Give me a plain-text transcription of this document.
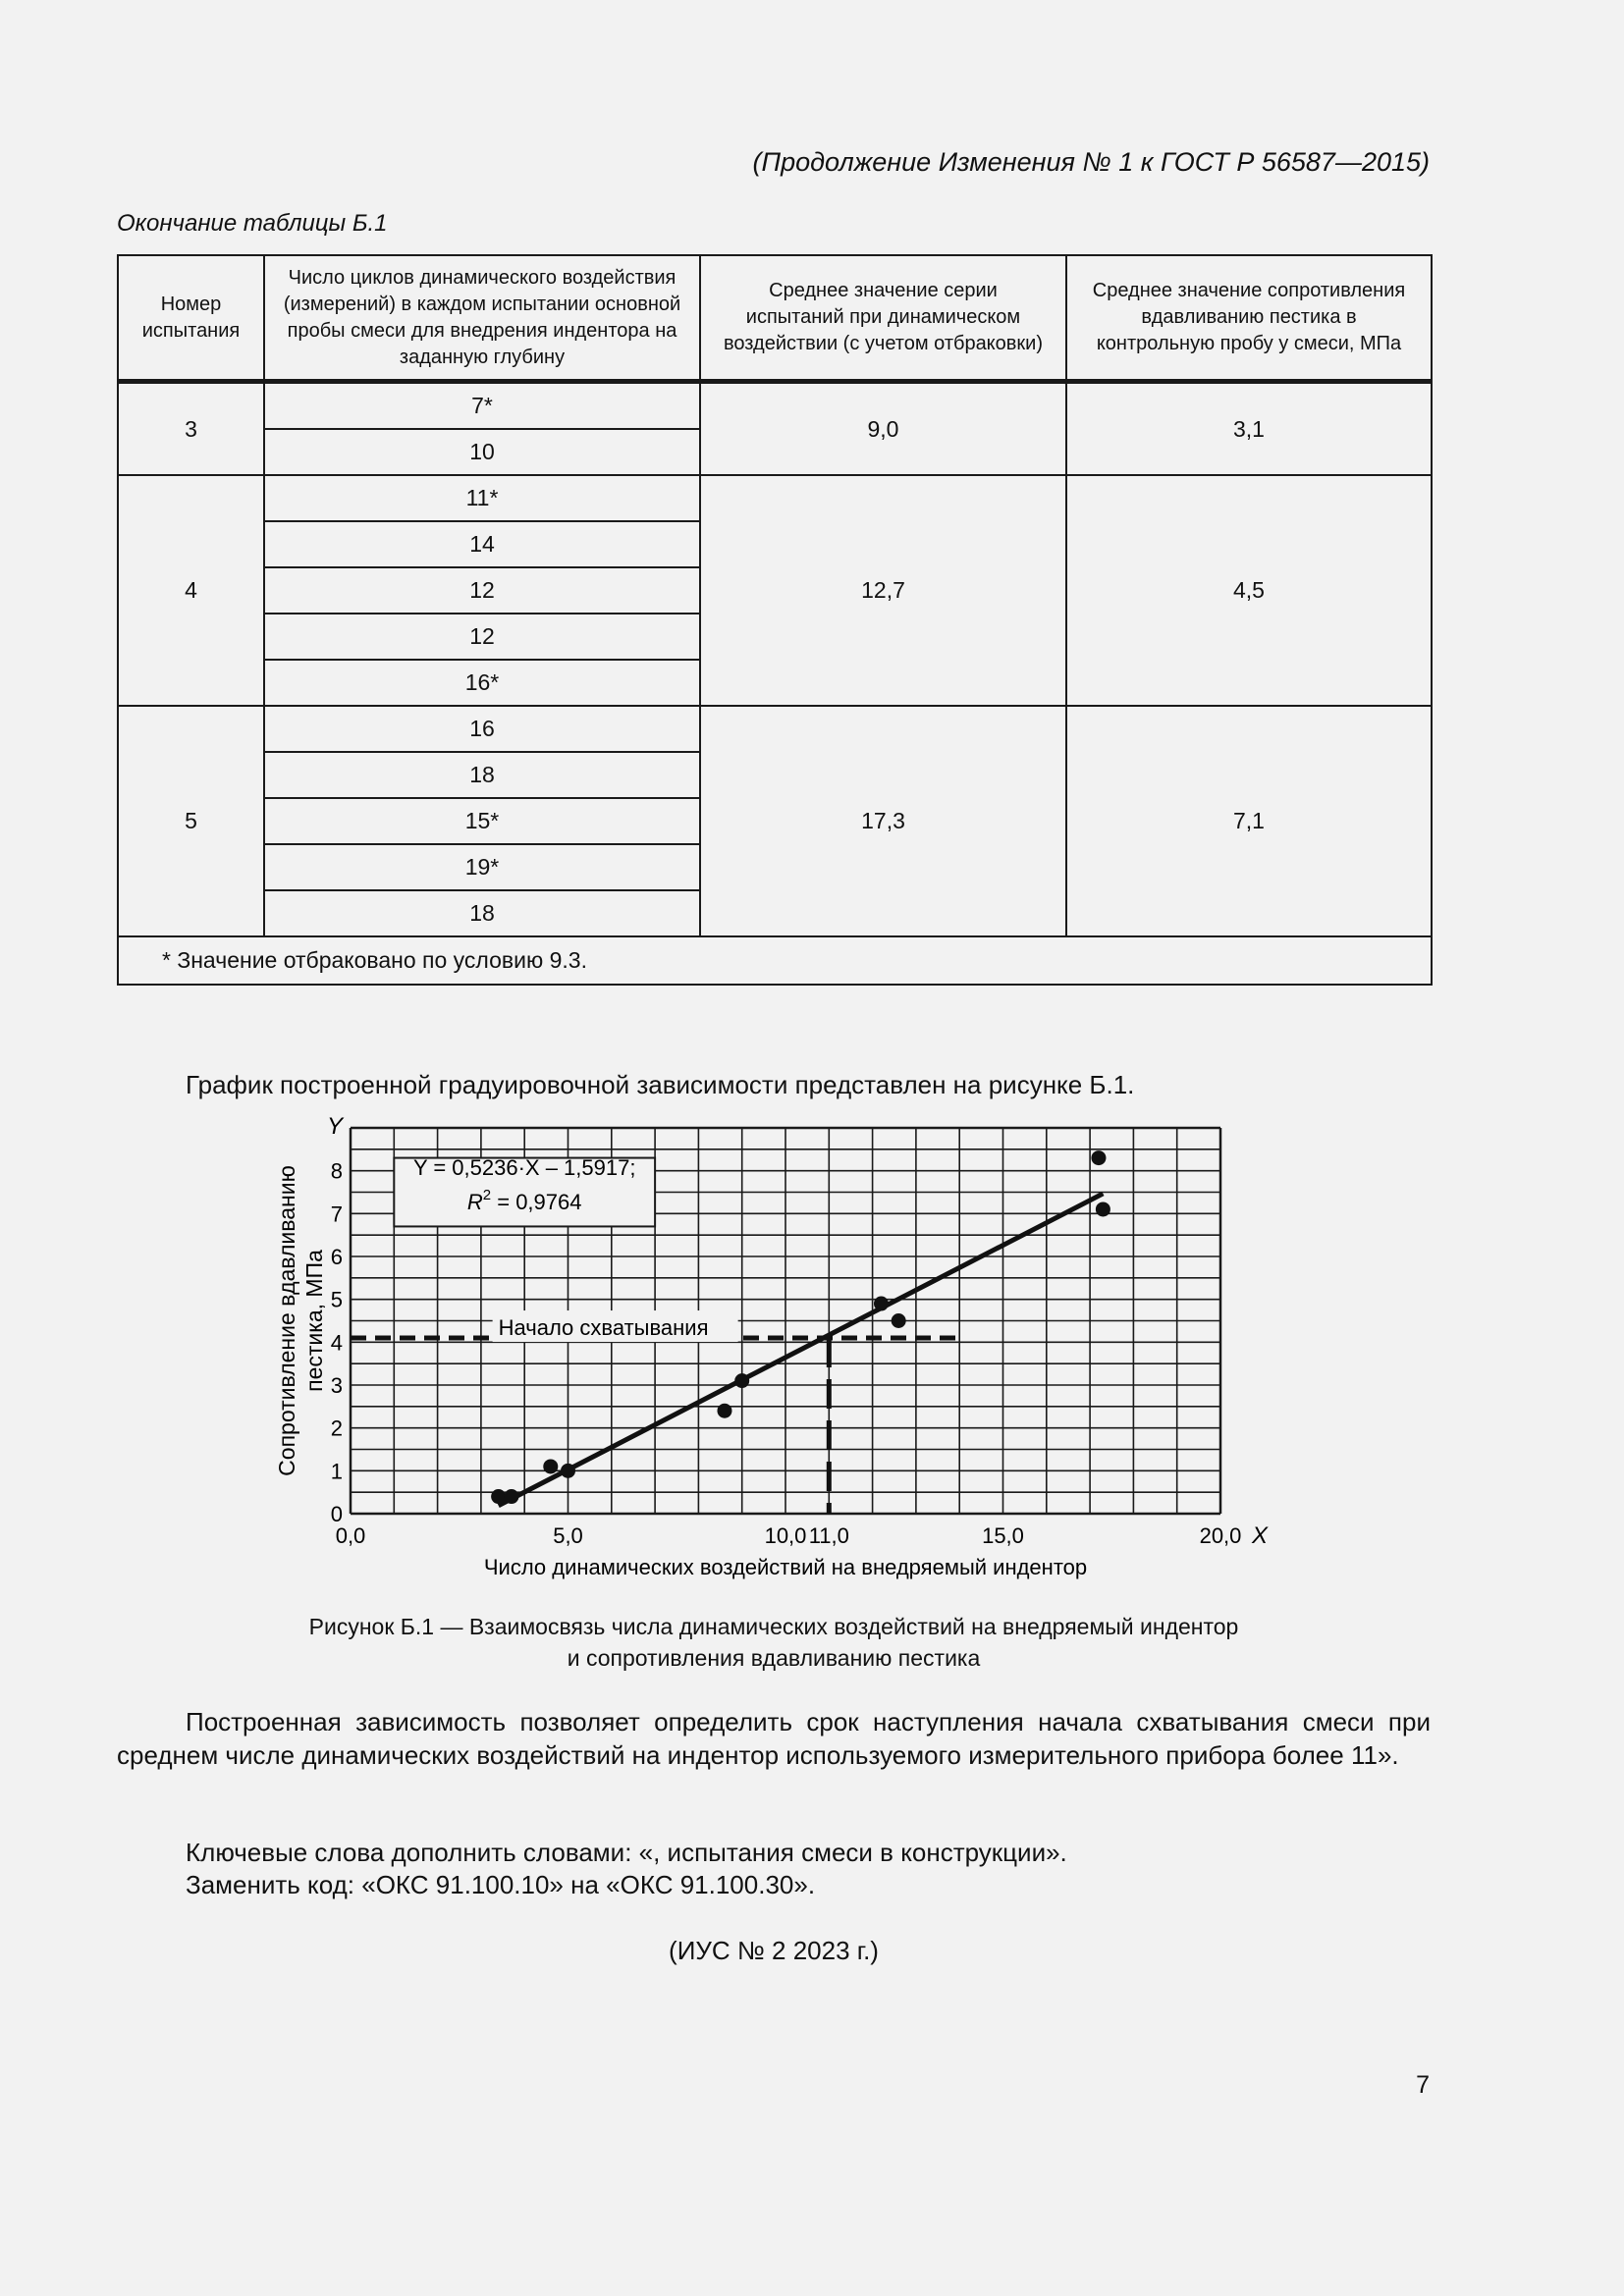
(Продолжение Изменения № 1 к ГОСТ Р 56587—2015)
Окончание таблицы Б.1
Номер испытания	Число циклов динамического воздействия (измерений) в каждом испытании основной пробы смеси для внедрения индентора на заданную глубину	Среднее значение серии испытаний при динамическом воздействии (с учетом отбраковки)	Среднее значение сопротивления вдавливанию пестика в контрольную пробу у смеси, МПа
3	7*	9,0	3,1
	10		
4	11*	12,7	4,5
	14		
	12		
	12		
	16*		
5	16	17,3	7,1
	18		
	15*		
	19*		
	18		
* Значение отбраковано по условию 9.3.			
График построенной градуировочной зависимости представлен на рисунке Б.1.
0,0	5,0	10,0 11,0	15,0	20,0
0
1
2
3
4
5
6
7
8
Сопротивление вдавливанию пестика, МПа
Число динамических воздействий на внедряемый индентор
X
Y
Y = 0,5236·X – 1,5917;
$R^2 = 0,9764$
Начало схватывания
Рисунок Б.1 — Взаимосвязь числа динамических воздействий на внедряемый индентор
и сопротивления вдавливанию пестика
Построенная зависимость позволяет определить срок наступления начала схватывания смеси при среднем числе динамических воздействий на индентор используемого измерительного прибора более 11».
Ключевые слова дополнить словами: «, испытания смеси в конструкции».
Заменить код: «ОКС 91.100.10» на «ОКС 91.100.30».
(ИУС № 2 2023 г.)
7
